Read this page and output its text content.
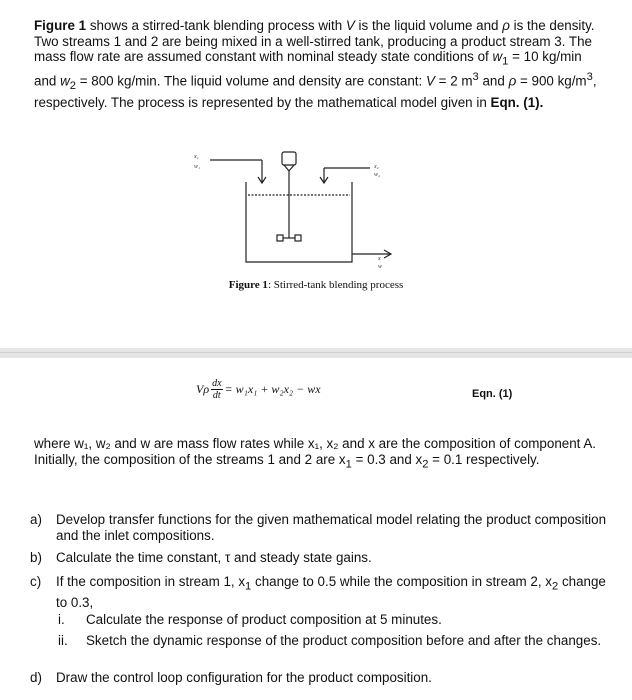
Figure 1 shows a stirred-tank blending process with V is the liquid volume and ρ is the density. Two streams 1 and 2 are being mixed in a well-stirred tank, producing a product stream 3. The mass flow rate are assumed constant with nominal steady state conditions of $w_1 = 10$ kg/min and $w_2 = 800$ kg/min. The liquid volume and density are constant: V = 2 $m^3$ and ρ = 900 $kg/m^3$, respectively. The process is represented by the mathematical model given in Eqn. (1).
x₁
w₁	x₂
w₂
x
w
Figure 1: Stirred-tank blending process
Vρ $\frac{dx}{dt} = w_1x_1 + w_2x_2$ − wx	Eqn. (1)
where w₁, w₂ and w are mass flow rates while x₁, x₂ and x are the composition of component A. Initially, the composition of the streams 1 and 2 are $x_1 = 0.3$ and $x_2 = 0.1$ respectively.
a) Develop transfer functions for the given mathematical model relating the product composition and the inlet compositions.
b) Calculate the time constant, τ and steady state gains.
c) If the composition in stream 1, $x_1$ change to 0.5 while the composition in stream 2, $x_2$ change to 0.3,
i. Calculate the response of product composition at 5 minutes.
ii. Sketch the dynamic response of the product composition before and after the changes.
d) Draw the control loop configuration for the product composition.
